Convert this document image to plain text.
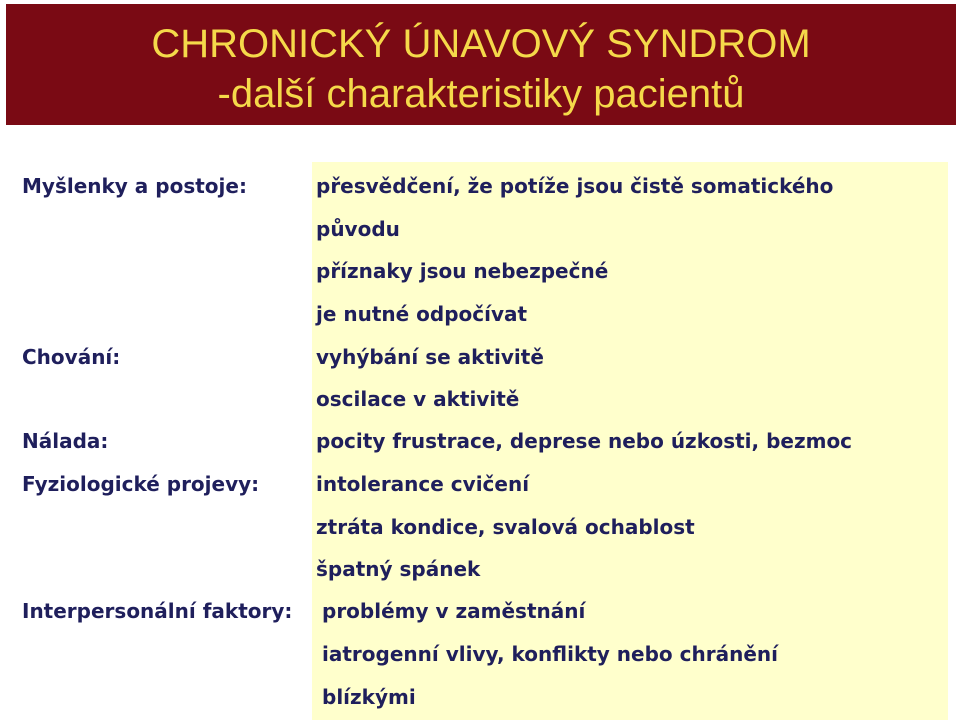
CHRONICKÝ ÚNAVOVÝ SYNDROM
-další charakteristiky pacientů
Myšlenky a postoje:
Chování:
Nálada:
Fyziologické projevy:
Interpersonální faktory:
přesvědčení, že potíže jsou čistě somatického
původu
příznaky jsou nebezpečné
je nutné odpočívat
vyhýbání se aktivitě
oscilace v aktivitě
pocity frustrace, deprese nebo úzkosti, bezmoc
intolerance cvičení
ztráta kondice, svalová ochablost
špatný spánek
problémy v zaměstnání
iatrogenní vlivy, konflikty nebo chránění
blízkými
